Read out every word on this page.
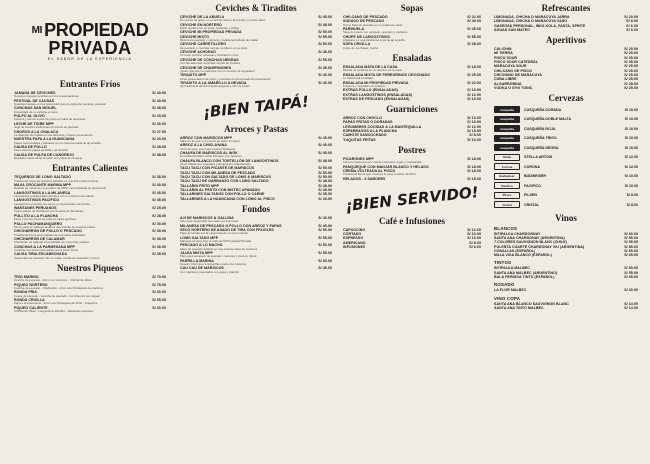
$^{MI}$ PROPIEDAD
PRIVADA
EL SABOR DE LA EXPERIENCIA
Entrantes Fríos
JAMANA DE CEVICHES	S/ 40.00
Nuestros mejores ceviches en tres presentaciones
FESTIVAL DE CAUSAS	S/ 40.00
Nuestras causas en tres presentaciones de pulpa de cangrejo, pescado
CONCHAS SAN MIGUEL	S/ 48.00
Frutosbajal de Lo caliente a mano
PULPO AL OLIVO	S/ 43.00
Frescos y tiernos cortes de pulpo en salsa de aceitunas
LECHE DE TIGRE MPP	S/ 30.00
Jugo de ceviche tradicional con trozos de pescado
CHOROS A LA CHALACA	S/ 27.00
La tradición del Callao en una deliciosa y fresca presentación
NUESTRA PAPA A LA HUANCAINA	S/ 20.00
Papas sancochadas y bañadas con la cremosa salsa de ají amarillo
CAUSA DE POLLO	S/ 28.00
Fina masa de papas amarilla y ají amarillo
CAUSA DE PULPA DE CANGREJO	S/ 38.00
Exquisita causa de ají amarillo con pulpa de cangrejo
Entrantes Calientes
TEQUEÑOS DE LOMO SALTADO	S/ 35.00
Tradicional masa de nuestros saltados en una fina masa crocante
MAXA CROCANTE MARINA MPP	S/ 40.00
Delicias de mariscos en el sarten de MPP y acompañada de guacamole
LANGOSTINOS A LA MILANESA	S/ 45.00
Langostinos empanizados servidos con un contorno de salsas
LANGOSTINOS PACIFICO	S/ 45.00
Langostinos envueltos de tocino y empanizados con Ansha
WANTANES PERUANOS	S/ 25.00
Tipico relleno de chicharrón con la salsa de Tamarindo
POLLITO A LA PLANCHA	S/ 28.00
Finos y tiernos cortes de pollo en salsa parrillera
POLLO PACHAMANQUERO	S/ 30.00
Tierno pollo en sabores andinos una estrella de nuestros platos
CHICHARRÓN DE POLLO O PESCADO	S/ 30.00
Tradicional fritura acompañado de una salsa inolvidable
CHICHARRÓN DE CALAMAR	S/ 35.00
Chicharrón de calamar acompañado de yuca frita y tártara
CONCHAS A LA PARMESANA MPP	S/ 40.00
Conchas con queso parmesano en el mejor horno
CAUSA TIBIA ESCABECHADA	S/ 35.00
Causa tibia de pescado frito en salsa, cocida de vegetales y trozos
Nuestros Piqueos
TRIO MARINO	S/ 70.00
Ceviche de pescado - Arroz con mariscos - Chicharrón Mixto
PIQUEO NORTEÑO	S/ 75.00
Ceviche de pescado - Chicharrón - Arroz a la Chiclayana de mariscos
RONDA FRIA	S/ 60.00
Causa de pescado - Ceviche de pescado - Conchas de san miguel
RONDA CRIOLLA	S/ 65.00
Papa a la Huancaína - Arroz a la Chiclayana de Pollo - Tequeños
PIQUEO CALIENTE	S/ 60.00
Chicharrón Mixto - Langostinos Pacífico - Wantanes peruanos
Ceviches & Tiraditos
CEVICHE DE LA ABUELA	S/ 45.00
El ceviche de antes, una mezcla maa en la cocción y mucho sabor
CEVICHE EN NORTEÑO	S/ 48.00
Estilo norteño con su mejor marinado y chifles
CEVICHE MI PROPIEDAD PRIVADA	S/ 50.00
CEVICHE MIXTO	S/ 55.00
Mixtura de pescado y mariscos, tradicional bañado de Callao
CEVICHE CARRETILLERO	S/ 50.00
De pescado y conchas negras, el clásico en su plato
CEVICHE ACHORAO	S/ 48.00
Un buen ceviche, pescado y chicharrón mixto
CEVICHE DE CONCHAS NEGRAS	S/ 55.00
Con las sabrosas conchitas negras de Tumbes
CEVICHE DE CHAMPINONES	S/ 35.00
¡Quién dijo que no podemos con un ceviche de vegetales?
TIRADITO MPP	S/ 40.00
Finas presentación de pulpo y pescado a una innovadora presentación
TIRADITO A LA AMARILLO A NEVADA	S/ 40.00
Ají Tradicional del Perú igual Langosta y tiernos cortes
¡BIEN TAIPÁ!
Arroces y Pastas
ARROZ CON MARISCOS MPP	S/ 45.00
Sabores de mar en un arroz de sabor sin igual
ARROZ A LA CHICLAYANA	S/ 45.00
Arroz al norte, a la mejor receta chiclayana
CHAUFA DE MARISCOS AL WOK	S/ 45.00
El tradicional Mato Chino Peruano con mariscos
CHAUFA BLANCO CON TORTELLÓN DE LANGOSTINOS	S/ 48.00
Arroz chaufa con vegetales y langostinos empanizados
TACU TACU CON PICANTE DE MARISCOS	S/ 50.00
TACU TACU CON MILANESA DE PESCADO	S/ 50.00
TACU TACU CON SALTADO DE LOMO & MARISCOS	S/ 50.00
TACU TACU DE GARBANZO CON LOMO SALTADO	S/ 48.00
TALLARIN FRITO MPP	S/ 38.00
TALLARIN AL PESTO CON BISTEC APANADO	S/ 45.00
TALLARINES SALTADOS CON POLLO O CARNE	S/ 35.00
TALLARINES A LA HUANCAINA CON LOMO AL PISCO	S/ 40.00
Fondos
AJÍ DE MARISCOS & GALLINA	S/ 40.00
Solo para comprobar que cada vez sea mejor
MILANESA DE PESCADO O POLLO CON ARROZ Y PAPAS	S/ 45.00
SECO NORTEÑO DE ASADO DE TIRA CON FRIJOLES	S/ 50.00
Plato de familia con la esperanza de un seco norteño
LOMO SALTADO MPP	S/ 55.00
Salteado de lomo fino al estilo de Mi Propiedad Privada
PESCADO A LO MACHO	S/ 50.00
Filete de pescado bañado en una potente salsa de mariscos
JALEA MIXTA MPP	S/ 55.00
Plato para compartir de pescado, mariscos y yuca en fritura
PARRILLA MARINA	S/ 60.00
Nuestro Chef puso a la parrilla a todos los mariscos
CAU CAU DE MARISCOS	S/ 45.00
Con mariscos preparados con papa y culantro
Sopas
CHILCANO DE PESCADO	S/ 22.00
SUDADO DE PESCADO	S/ 40.00
Tierno filete de pescado en un poderoso caldo
PARIHUELA	S/ 45.00
Sopa de puerto con cangrejo, pescado y mariscos
CHUPE DE LANGOSTINOS	S/ 55.00
Arequipa, en una tradicional sopa de ají amarillo
SOPA CRIOLLA	S/ 28.00
Carne de res fideos y leche
Ensaladas
ENSALADA MATA DE LA CASA	S/ 18.00
Mezcla de verduras en un aderezo de la casa
ENSALADA MIXTA DE PEREGRINOS CEVICHADO	S/ 25.00
Lo tradicional ensalada
ENSALADA MI PROPIEDAD PRIVADA	S/ 22.00
Frescura y vegetales de estación
EXTRAS POLLO (ENSALADAS)	S/ 10.00
EXTRAS LANGOSTINOS (ENSALADAS)	S/ 12.00
EXTRAS DE PESCADO (ENSALADAS)	S/ 10.00
Guarniciones
ARROZ CON CHOCLO	S/ 10.00
PAPAS FRITAS O DORADAS	S/ 10.00
LEGUMBRES COCIDAS A LA MANTEQUILLA	S/ 12.00
ESPARRAGOS A LA PLANCHA	S/ 15.00
CAMOTE SANCOCHADO	S/ 8.00
YUQUITAS FRITAS	S/ 10.00
Postres
PICARONES MPP	S/ 18.00
Como lo hacemos con miel de chancaca, higos y mantequilla
PANQUEQUE CON MANJAR BLANCO Y HELADO	S/ 18.00
CREMA VOLTEADA AL PISCO	S/ 18.00
Tradicional flan al que nosotros le puse el sabor del Perú
HELADOS - 3 SABORES	S/ 15.00
¡BIEN SERVIDO!
Café e Infusiones
CAPUCCINO	S/ 12.00
CORTADO	S/ 10.00
ESPRESSO	S/ 10.00
AMERICANO	S/ 8.00
INFUSIONES	S/ 6.00
Refrescantes
LIMONADA, CHICHA O MARACUYA JARRA	S/ 20.00
LIMONADA, CHICHA O MARACUYA VASO	S/ 8.00
GASEOSA PERSONAL, INKA KOLA, FANTA, SPRITE	S/ 6.00
AGUAS SAN MATEO	S/ 5.00
Aperitivos
CALICHIN	S/ 25.00
MI TIERRA	S/ 25.00
PISCO SOUR	S/ 25.00
PISCO SOUR CATEDRAL	S/ 35.00
MARACUYA SOUR	S/ 25.00
CHILCANO DE PISCO	S/ 25.00
CHICHANO DE MARACUYA	S/ 25.00
CUBA LIBRE	S/ 25.00
ALGARROBINA	S/ 28.00
VODKA O GYN TONIC	S/ 25.00
Cervezas
cusqueña	CUSQUEÑA DORADA	S/ 10.00
cusqueña	CUSQUEÑA DOBLE MALTA	S/ 10.00
cusqueña	CUSQUEÑA ROJA	S/ 10.00
cusqueña	CUSQUEÑA TRIGO	S/ 10.00
cusqueña	CUSQUEÑA NEGRA	S/ 10.00
Stella	STELLA ARTOIS	S/ 12.00
Corona	CORONA	S/ 12.00
Budweiser	BUDWEISER	S/ 10.00
Pacifico	PACIFICO	S/ 10.00
Pilsen	PILSEN	S/ 8.00
Cristal	CRISTAL	S/ 8.00
Vinos
BLANCOS
INTIPALKA CHARDONNAY	S/ 60.00
SANTA ANA CHARDONAY (ARGENTINA)	S/ 55.00
7 COLORES SAUVIGNON BLANC (CHILE)	S/ 55.00
PULENTA CUARTE CHARDONAY VIU (ARGENTINA)	S/ 85.00
CONALLAS (ESPAÑOL)	S/ 65.00
MALA VIDA BLANCO (ESPAÑOL)	S/ 65.00
TINTOS
INTIPALKA MALBEC	S/ 60.00
SANTA ANA MALBEC (ARGENTINO)	S/ 55.00
BALA PERDIDA TINTO (ESPAÑOL)	S/ 65.00
ROSADO
LA FLOR MALBEC	S/ 60.00
VINO COPA
SANTA ANA BLANCO SAUVIGNON BLANC	S/ 14.00
SANTA ANA TINTO MALBEC	S/ 14.00
